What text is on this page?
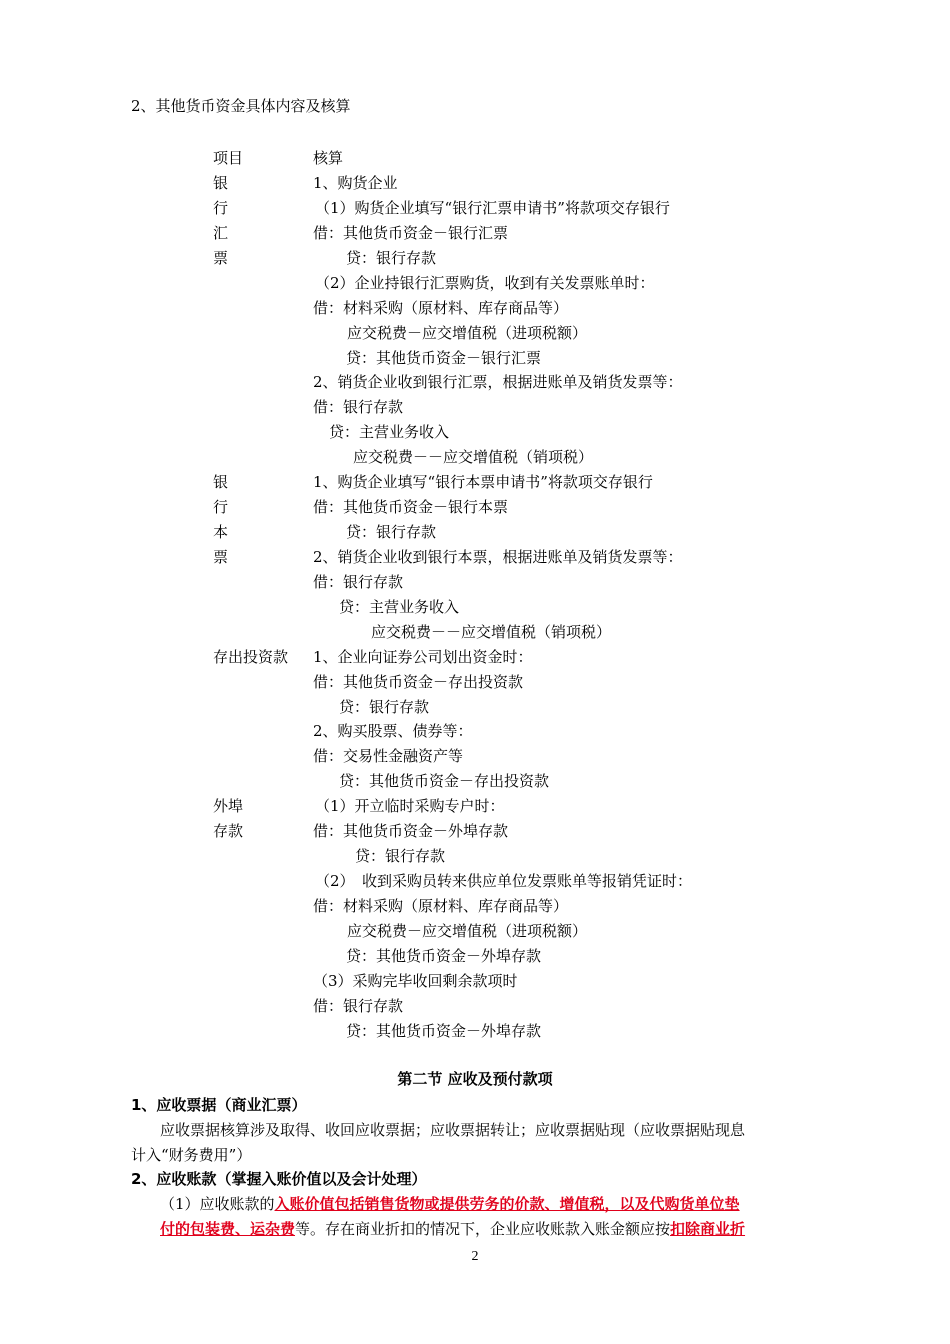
2、其他货币资金具体内容及核算
项目	核算
银	1、购货企业
行	（1）购货企业填写“银行汇票申请书”将款项交存银行
汇	借：其他货币资金－银行汇票
票	贷：银行存款
（2）企业持银行汇票购货，收到有关发票账单时：
借：材料采购（原材料、库存商品等）
应交税费－应交增值税（进项税额）
贷：其他货币资金－银行汇票
2、销货企业收到银行汇票，根据进账单及销货发票等：
借：银行存款
贷：主营业务收入
应交税费－－应交增值税（销项税）
银	1、购货企业填写“银行本票申请书”将款项交存银行
行	借：其他货币资金－银行本票
本	贷：银行存款
票	2、销货企业收到银行本票，根据进账单及销货发票等：
借：银行存款
贷：主营业务收入
应交税费－－应交增值税（销项税）
存出投资款 1、企业向证券公司划出资金时：
借：其他货币资金－存出投资款
贷：银行存款
2、购买股票、债券等：
借：交易性金融资产等
贷：其他货币资金－存出投资款
外埠	（1）开立临时采购专户时：
存款	借：其他货币资金－外埠存款
贷：银行存款
（2）　收到采购员转来供应单位发票账单等报销凭证时：
借：材料采购（原材料、库存商品等）
应交税费－应交增值税（进项税额）
贷：其他货币资金－外埠存款
（3）采购完毕收回剩余款项时
借：银行存款
贷：其他货币资金－外埠存款
第二节 应收及预付款项
1、应收票据（商业汇票）
应收票据核算涉及取得、收回应收票据；应收票据转让；应收票据贴现（应收票据贴现息
计入“财务费用”）
2、应收账款（掌握入账价值以及会计处理）
（1）应收账款的入账价值包括销售货物或提供劳务的价款、增值税，以及代购货单位垫
付的包装费、运杂费等。存在商业折扣的情况下，企业应收账款入账金额应按扣除商业折
2
